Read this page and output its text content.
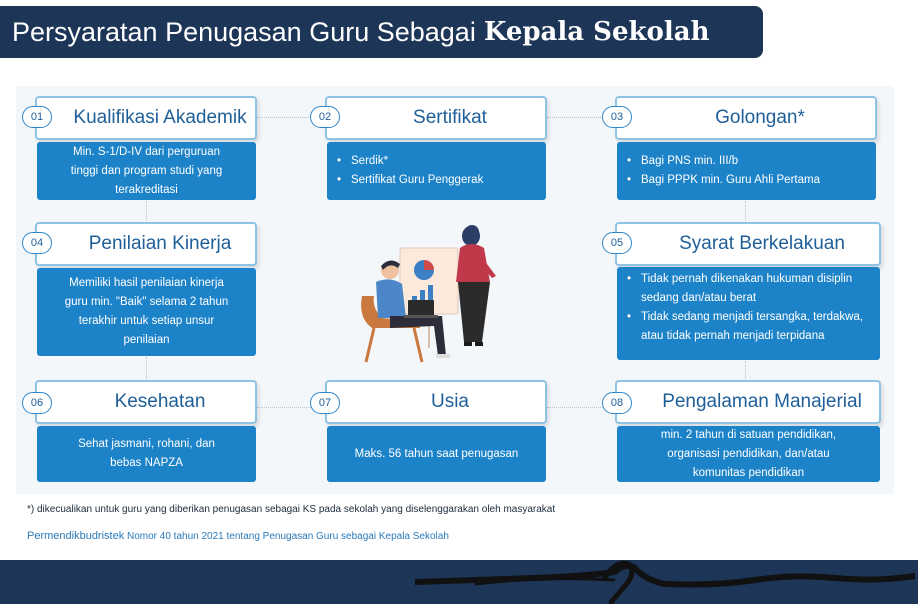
Persyaratan Penugasan Guru Sebagai Kepala Sekolah
Kualifikasi Akademik
01
Min. S-1/D-IV dari perguruan
tinggi dan program studi yang
terakreditasi
Sertifikat
02
• Serdik*
• Sertifikat Guru Penggerak
Golongan*
03
• Bagi PNS min. III/b
• Bagi PPPK min. Guru Ahli Pertama
Penilaian Kinerja
04
Memiliki hasil penilaian kinerja
guru min. "Baik" selama 2 tahun
terakhir untuk setiap unsur
penilaian
Syarat Berkelakuan
05
• Tidak pernah dikenakan hukuman disiplin sedang dan/atau berat
• Tidak sedang menjadi tersangka, terdakwa, atau tidak pernah menjadi terpidana
Kesehatan
06
Sehat jasmani, rohani, dan
bebas NAPZA
Usia
07
Maks. 56 tahun saat penugasan
Pengalaman Manajerial
08
min. 2 tahun di satuan pendidikan,
organisasi pendidikan, dan/atau
komunitas pendidikan
*) dikecualikan untuk guru yang diberikan penugasan sebagai KS pada sekolah yang diselenggarakan oleh masyarakat
Permendikbudristek Nomor 40 tahun 2021 tentang Penugasan Guru sebagai Kepala Sekolah
